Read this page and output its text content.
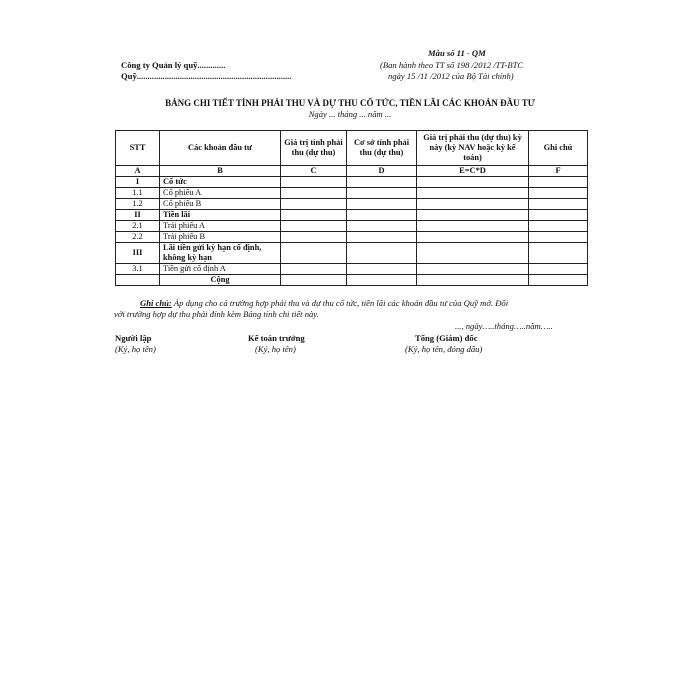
Công ty Quản lý quỹ.............
Quỹ........................................................................
Mẫu số 11 - QM
(Ban hành theo TT số 198 /2012 /TT-BTC
ngày 15 /11 /2012 của Bộ Tài chính)
BẢNG CHI TIẾT TÍNH PHẢI THU VÀ DỰ THU CỔ TỨC, TIỀN LÃI CÁC KHOẢN ĐẦU TƯ
Ngày ... tháng ... năm ...
STT	Các khoản đầu tư	Giá trị tính phải thu (dự thu)	Cơ sở tính phải thu (dự thu)	Giá trị phải thu (dự thu) kỳ này (kỳ NAV hoặc kỳ kế toán)	Ghi chú
A	B	C	D	E=C*D	F
I	Cổ tức				
1.1	Cổ phiếu A				
1.2	Cổ phiếu B				
II	Tiền lãi				
2.1	Trái phiếu A				
2.2	Trái phiếu B				
III	Lãi tiền gửi kỳ hạn cố định, không kỳ hạn				
3.1	Tiền gửi cố định A				
	Cộng				
Ghi chú: Áp dụng cho cả trường hợp phải thu và dự thu cổ tức, tiền lãi các khoản đầu tư của Quỹ mở. Đối
với trường hợp dự thu phải đính kèm Bảng tính chi tiết này.
..., ngày…..tháng…..năm…..
Người lập
(Ký, họ tên)
Kế toán trưởng
(Ký, họ tên)
Tổng (Giám) đốc
(Ký, họ tên, đóng dấu)
